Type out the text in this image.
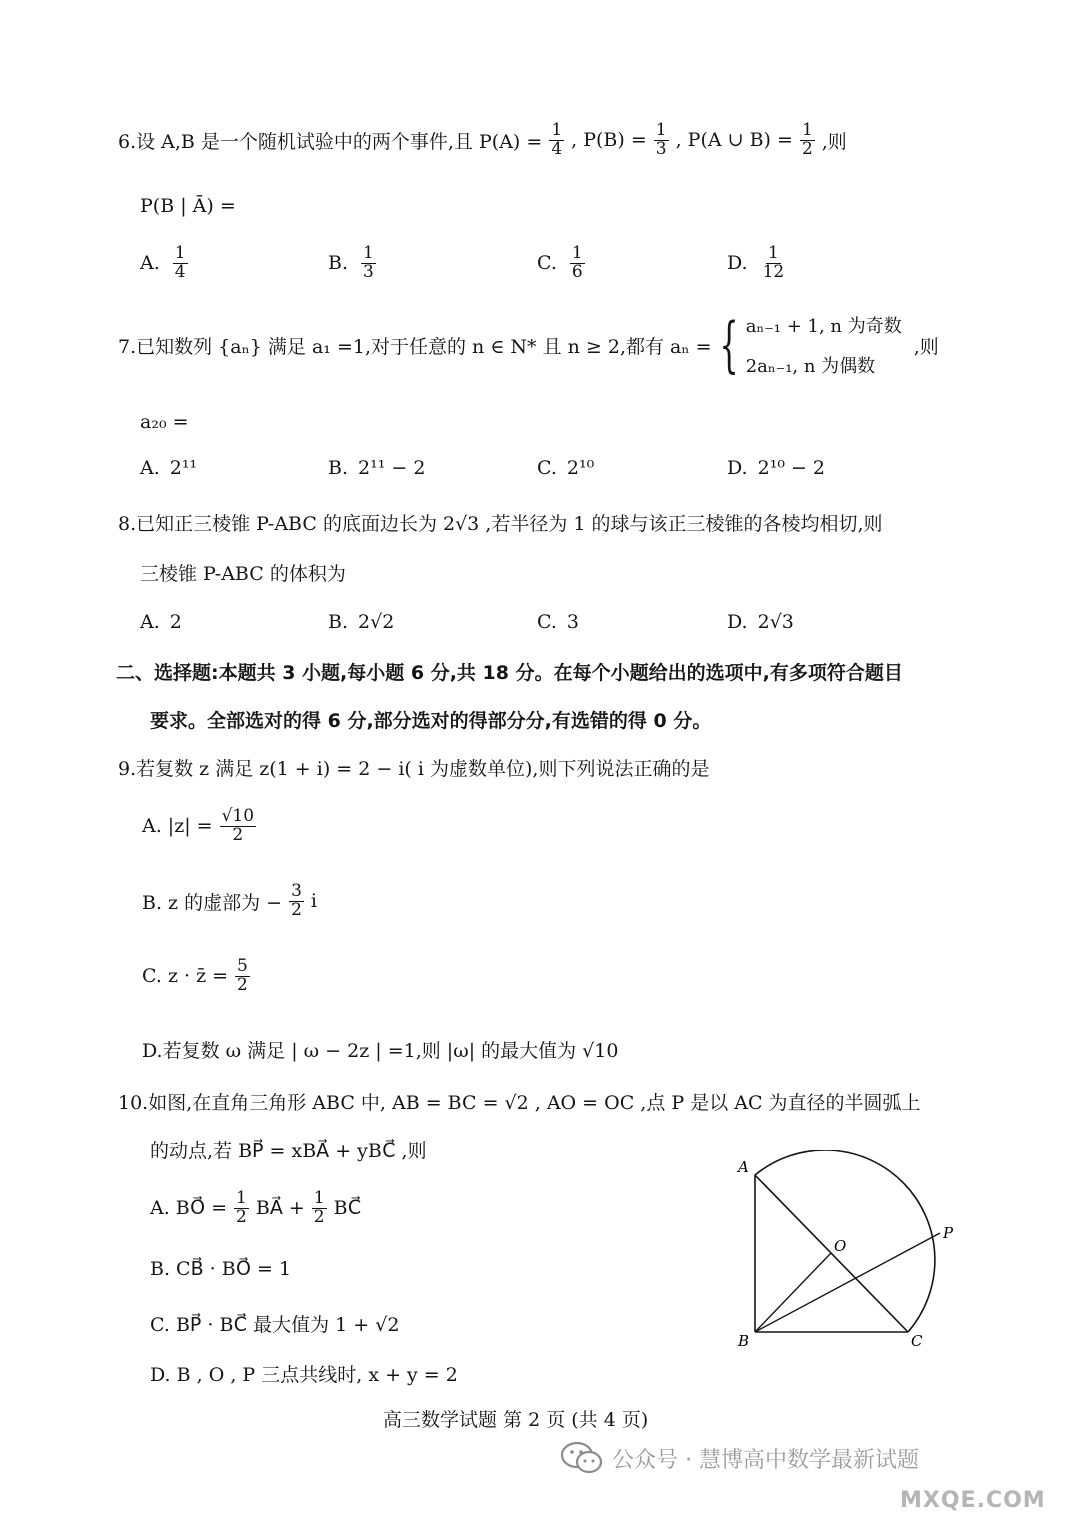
6.设 A,B 是一个随机试验中的两个事件,且 $P(A) = \frac{1}{4}$ , $P(B) = \frac{1}{3}$ , P(A ∪ $B) = \frac{1}{2}$ ,则
P(B | Ā) =
A. $\frac{1}{4}$	B. $\frac{1}{3}$	C. $\frac{1}{6}$	D. $\frac{1}{12}$
7.已知数列 {aₙ} 满足 a₁ =1,对于任意的 n ∈ N* 且 n ≥ 2,都有 aₙ = { aₙ₋₁ + 1, n 为奇数
2aₙ₋₁, n 为偶数
,则
a₂₀ =
A. 2¹¹	B. 2¹¹ − 2	C. 2¹⁰	D. 2¹⁰ − 2
8.已知正三棱锥 P-ABC 的底面边长为 2√3 ,若半径为 1 的球与该正三棱锥的各棱均相切,则
三棱锥 P-ABC 的体积为
A. 2	B. 2√2	C. 3	D. 2√3
二、选择题:本题共 3 小题,每小题 6 分,共 18 分。在每个小题给出的选项中,有多项符合题目
要求。全部选对的得 6 分,部分选对的得部分分,有选错的得 0 分。
9.若复数 z 满足 z(1 + i) = 2 − i( i 为虚数单位),则下列说法正确的是
A. $|z| = \frac{√10}{2}$
B. z 的虚部为 − $\frac{3}{2}$ i
C. z · z̄ = $\frac{5}{2}$
D.若复数 ω 满足 | ω − 2z | =1,则 |ω| 的最大值为 √10
10.如图,在直角三角形 ABC 中, AB = BC = √2 , AO = OC ,点 P 是以 AC 为直径的半圆弧上
的动点,若 BP⃗ = xBA⃗ + yBC⃗ ,则
A. BO⃗ = $\frac{1}{2}$ BA⃗ + $\frac{1}{2}$ BC⃗
B. CB⃗ · BO⃗ = 1
C. BP⃗ · BC⃗ 最大值为 1 + √2
D. B , O , P 三点共线时, x + y = 2
A
B	C
O
P
高三数学试题 第 2 页 (共 4 页)
公众号 · 慧博高中数学最新试题
MXQE.COM
